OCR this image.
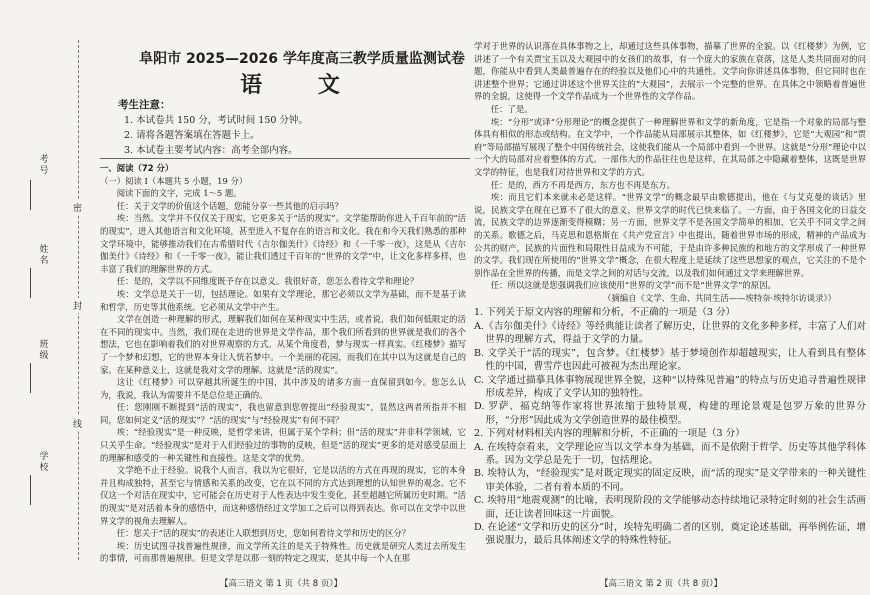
考号
姓名
班级
学校
密
封
线
阜阳市 2025—2026 学年度高三教学质量监测试卷
语 文
考生注意：
1. 本试卷共 150 分，考试时间 150 分钟。
2. 请将各题答案填在答题卡上。
3. 本试卷主要考试内容：高考全部内容。

一、阅读（72 分）

（一）阅读 I（本题共 5 小题，19 分）

阅读下面的文字，完成 1～5 题。

任：关于文学的价值这个话题，您能分享一些其他的启示吗？

埃：当然。文学并不仅仅关于现实，它更多关于“活的现实”。文学能帮助你进入千百年前的“活的现实”，进入其他语言和文化环境，甚至进入不复存在的语言和文化。我在和今天我们熟悉的那种文学环境中，能够推动我们在古希腊时代《吉尔伽美什》《诗经》和《一千零一夜》，这是从《吉尔伽美什》《诗经》和《一千零一夜》，能让我们透过千百年的“世界的文学”中，让文化多样多样，也丰富了我们的理解世界的方式。

任：是的，文学以不同维度既予存在以意义。我很好奇，您怎么看待文学和理论？

埃：文学总是关于一切，包括理论。如果有文学理论，那它必须以文学为基础，而不是基于读和哲学，历史等其他系统。它必须从文学中产生。

文学在创造一种理解的形式，理解我们如何在某种现实中生活，或者说，我们如何低限定的活在不同的现实中。当然，我们现在走进的世界是文学作品，那个我们所看到的世界就是我们的各个想法，它也在影响着我们的对世界观察的方式。从某个角度看，梦与现实一样真实。《红楼梦》描写了一个梦和幻想，它的世界本身让人恍若梦中。一个美丽的花园，而我们在其中以为这就是自己的家。在某种意义上，这就是我对文学的理解。这就是“活的现实”。

这让《红楼梦》可以穿越其所诞生的中国，其中涉及的诸多方面一直保留到如今。您怎么认为，我说，我认为需要并不是总位是正确的。

任：您刚刚不断提到“活的现实”，我也留意到您曾提出“经验现实”，显然这两者所指并不相同，您如何定义“活的现实”？“活的现实”与“经验现实”有何不同？

埃：“经验现实”是一种反映，是哲学来讲，但属于某个学科；但“活的现实”并非科学领域，它只关乎生命。“经验现实”是对于人们经验过的事物的反映，但是“活的现实”更多的是对感受层面上的理解和感受的一种关键性和直接性。这是文学的优势。

文学绝不止于经验。说我个人而言，我以为它很好，它是以活的方式在再现的现实，它的本身并且构成独特，甚至它与情感和关系的改变，它在以不同的方式达到理想的认知世界的观念。它不仅这一个对活在现实中，它可能会在历史对于人性表达中发生变化，甚至超越它所属历史时期。“活的现实”是对活着本身的感悟中，而这种感悟经过文学加工之后可以得到表达。你可以在文学中以世界文学的视角去理解人。

任：您关于“活的现实”的表述让人联想到历史，您如何看待文学和历史的区分？

埃：历史试图寻找普遍性规律，而文学所关注的是关于特殊性。历史就是研究人类过去所发生的事情，可而那普遍规律。但是文学是以那一刻的特定之现实，是其中每一个人在那

【高三语文 第 1 页（共 8 页）】

学对于世界的认识落在具体事物之上，却通过这些具体事物，描摹了世界的全貌。以《红楼梦》为例，它讲述了一个有关贾宝玉以及大观园中的女孩们的故事，有一个庞大的家族在衰落，这是人类共同面对的问题，你能从中看到人类最普遍存在的经验以及他们心中的共通性。文学向你讲述具体事物，但它同时也在讲述整个世界；它通过讲述这个世界关注的“大观园”，去展示一个完整的世界。在具体之中领略着普遍世界的全貌，这使得一个文学作品成为一个世界性的文学作品。

任：了是。

埃：“分形”或译“分形理论”的概念提供了一种理解世界和文学的新角度，它是指一个对象的局部与整体具有相似的形态或结构。在文学中，一个作品能从局部展示其整体，如《红楼梦》，它是“大观园”和“贾府”等局部描写展现了整个中国传统社会，这使我们能从一个局部中看到一个世界。这就是“分形”理论中以一个大的局部对应着整体的方式。一部伟大的作品往往也是这样，在其局部之中隐藏着整体，这既是世界文学的特征，也是我们对待世界和文学的方式。

任：是的，西方不再是西方，东方也不再是东方。

埃：而且它们本来就未必是这样。“世界文学”的概念最早由歌德提出，他在《与艾克曼的谈话》里说，民族文学在现在已算不了很大的意义，世界文学的时代已快来临了。一方面，由于各国文化的日益交流，民族文学的边界逐渐变得模糊；另一方面，世界文学不是各国文学简单的相加，它关乎不同文学之间的关系。歌德之后，马克思和恩格斯在《共产党宣言》中也提出，随着世界市场的形成，精神的产品成为公共的财产，民族的片面性和局限性日益成为不可能，于是由许多种民族的和地方的文学形成了一种世界的文学。我们现在所使用的“世界文学”概念，在很大程度上是延续了这些思想家的观点，它关注的不是个别作品在全世界的传播，而是文学之间的对话与交流，以及我们如何通过文学来理解世界。

任：所以这就是您强调我们应该使用“世界的文学”而不是“世界文学”的原因。

（摘编自《文学、生命、共同生活——埃特奈·埃特尔访谈录》）

1. 下列关于原文内容的理解和分析，不正确的一项是（3 分）

A.《吉尔伽美什》《诗经》等经典能让读者了解历史，让世界的文化多种多样，丰富了人们对世界的理解方式，得益于文学的力量。

B. 文学关于“活的现实”，包含梦。《红楼梦》基于梦境创作却超越现实，让人看到具有整体性的中国，曹雪芹也因此可被视为杰出理论家。

C. 文学通过描摹具体事物展现世界全貌，这种“以特殊见普遍”的特点与历史追寻普遍性规律形成差异，构成了文学认知的独特性。

D. 罗萨、福克纳等作家将世界浓缩于独特景观，构建的理论景观是包罗万象的世界分形，“分形”因此成为文学创造世界的最佳模型。

2. 下列对材料相关内容的理解和分析，不正确的一项是（3 分）

A. 在埃特奈看来，文学理论应当以文学本身为基础，而不是依附于哲学、历史等其他学科体系。因为文学总是先于一切，包括理论。

B. 埃特认为，“经验现实”是对既定现实的固定反映，而“活的现实”是文学带来的一种关键性审美体验，二者有着本质的不同。

C. 埃特用“地震观测”的比喻，表明现阶段的文学能够动态持续地记录特定时刻的社会生活画面，还让读者回味这一片面貌。

D. 在论述“文学和历史的区分”时，埃特先明确二者的区别，奠定论述基础，再举例佐证，增强说服力，最后具体阐述文学的特殊性特征。

【高三语文 第 2 页（共 8 页）】
